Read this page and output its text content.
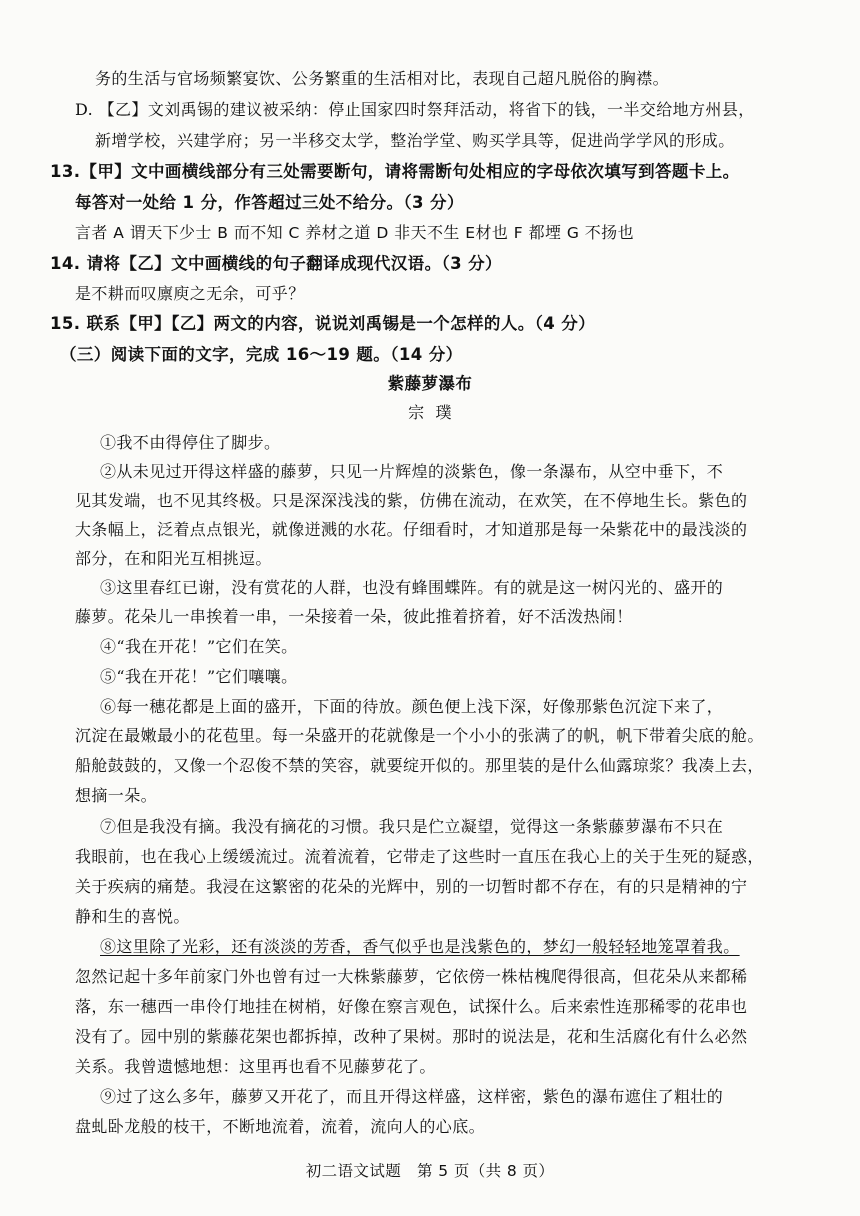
务的生活与官场频繁宴饮、公务繁重的生活相对比，表现自己超凡脱俗的胸襟。
D. 【乙】文刘禹锡的建议被采纳：停止国家四时祭拜活动，将省下的钱，一半交给地方州县，
新增学校，兴建学府；另一半移交太学，整治学堂、购买学具等，促进尚学学风的形成。
13.【甲】文中画横线部分有三处需要断句，请将需断句处相应的字母依次填写到答题卡上。
每答对一处给 1 分，作答超过三处不给分。（3 分）
言者 A 谓天下少士 B 而不知 C 养材之道 D 非天不生 E材也 F 都堙 G 不扬也
14. 请将【乙】文中画横线的句子翻译成现代汉语。（3 分）
是不耕而叹廪庾之无余，可乎？
15. 联系【甲】【乙】两文的内容，说说刘禹锡是一个怎样的人。（4 分）
（三）阅读下面的文字，完成 16～19 题。（14 分）
紫藤萝瀑布
宗  璞
①我不由得停住了脚步。
②从未见过开得这样盛的藤萝，只见一片辉煌的淡紫色，像一条瀑布，从空中垂下，不
见其发端，也不见其终极。只是深深浅浅的紫，仿佛在流动，在欢笑，在不停地生长。紫色的
大条幅上，泛着点点银光，就像迸溅的水花。仔细看时，才知道那是每一朵紫花中的最浅淡的
部分，在和阳光互相挑逗。
③这里春红已谢，没有赏花的人群，也没有蜂围蝶阵。有的就是这一树闪光的、盛开的
藤萝。花朵儿一串挨着一串，一朵接着一朵，彼此推着挤着，好不活泼热闹！
④“我在开花！”它们在笑。
⑤“我在开花！”它们嚷嚷。
⑥每一穗花都是上面的盛开，下面的待放。颜色便上浅下深，好像那紫色沉淀下来了，
沉淀在最嫩最小的花苞里。每一朵盛开的花就像是一个小小的张满了的帆，帆下带着尖底的舱。
船舱鼓鼓的，又像一个忍俊不禁的笑容，就要绽开似的。那里装的是什么仙露琼浆？我凑上去，
想摘一朵。
⑦但是我没有摘。我没有摘花的习惯。我只是伫立凝望，觉得这一条紫藤萝瀑布不只在
我眼前，也在我心上缓缓流过。流着流着，它带走了这些时一直压在我心上的关于生死的疑惑，
关于疾病的痛楚。我浸在这繁密的花朵的光辉中，别的一切暂时都不存在，有的只是精神的宁
静和生的喜悦。
⑧这里除了光彩，还有淡淡的芳香，香气似乎也是浅紫色的，梦幻一般轻轻地笼罩着我。
忽然记起十多年前家门外也曾有过一大株紫藤萝，它依傍一株枯槐爬得很高，但花朵从来都稀
落，东一穗西一串伶仃地挂在树梢，好像在察言观色，试探什么。后来索性连那稀零的花串也
没有了。园中别的紫藤花架也都拆掉，改种了果树。那时的说法是，花和生活腐化有什么必然
关系。我曾遗憾地想：这里再也看不见藤萝花了。
⑨过了这么多年，藤萝又开花了，而且开得这样盛，这样密，紫色的瀑布遮住了粗壮的
盘虬卧龙般的枝干，不断地流着，流着，流向人的心底。
初二语文试题　第 5 页（共 8 页）
